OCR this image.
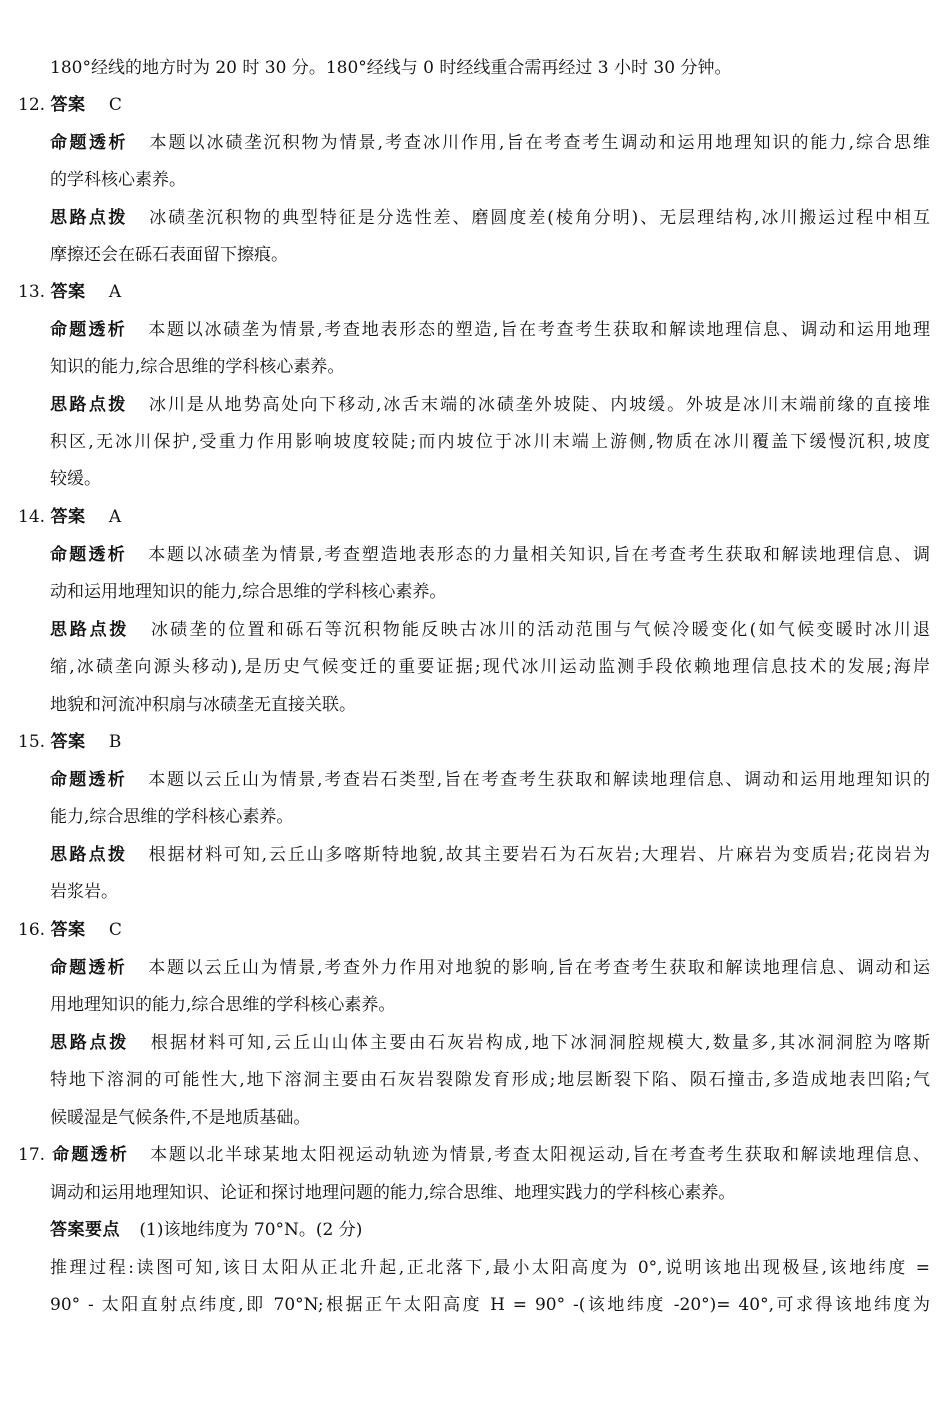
180°经线的地方时为 20 时 30 分。180°经线与 0 时经线重合需再经过 3 小时 30 分钟。
12. 答案 C
命题透析 本题以冰碛垄沉积物为情景,考查冰川作用,旨在考查考生调动和运用地理知识的能力,综合思维
的学科核心素养。
思路点拨 冰碛垄沉积物的典型特征是分选性差、磨圆度差(棱角分明)、无层理结构,冰川搬运过程中相互
摩擦还会在砾石表面留下擦痕。
13. 答案 A
命题透析 本题以冰碛垄为情景,考查地表形态的塑造,旨在考查考生获取和解读地理信息、调动和运用地理
知识的能力,综合思维的学科核心素养。
思路点拨 冰川是从地势高处向下移动,冰舌末端的冰碛垄外坡陡、内坡缓。外坡是冰川末端前缘的直接堆
积区,无冰川保护,受重力作用影响坡度较陡;而内坡位于冰川末端上游侧,物质在冰川覆盖下缓慢沉积,坡度
较缓。
14. 答案 A
命题透析 本题以冰碛垄为情景,考查塑造地表形态的力量相关知识,旨在考查考生获取和解读地理信息、调
动和运用地理知识的能力,综合思维的学科核心素养。
思路点拨 冰碛垄的位置和砾石等沉积物能反映古冰川的活动范围与气候冷暖变化(如气候变暖时冰川退
缩,冰碛垄向源头移动),是历史气候变迁的重要证据;现代冰川运动监测手段依赖地理信息技术的发展;海岸
地貌和河流冲积扇与冰碛垄无直接关联。
15. 答案 B
命题透析 本题以云丘山为情景,考查岩石类型,旨在考查考生获取和解读地理信息、调动和运用地理知识的
能力,综合思维的学科核心素养。
思路点拨 根据材料可知,云丘山多喀斯特地貌,故其主要岩石为石灰岩;大理岩、片麻岩为变质岩;花岗岩为
岩浆岩。
16. 答案 C
命题透析 本题以云丘山为情景,考查外力作用对地貌的影响,旨在考查考生获取和解读地理信息、调动和运
用地理知识的能力,综合思维的学科核心素养。
思路点拨 根据材料可知,云丘山山体主要由石灰岩构成,地下冰洞洞腔规模大,数量多,其冰洞洞腔为喀斯
特地下溶洞的可能性大,地下溶洞主要由石灰岩裂隙发育形成;地层断裂下陷、陨石撞击,多造成地表凹陷;气
候暖湿是气候条件,不是地质基础。
17. 命题透析 本题以北半球某地太阳视运动轨迹为情景,考查太阳视运动,旨在考查考生获取和解读地理信息、
调动和运用地理知识、论证和探讨地理问题的能力,综合思维、地理实践力的学科核心素养。
答案要点 (1)该地纬度为 70°N。(2 分)
推理过程:读图可知,该日太阳从正北升起,正北落下,最小太阳高度为 0°,说明该地出现极昼,该地纬度 =
90° - 太阳直射点纬度,即 70°N;根据正午太阳高度 H = 90° -(该地纬度 -20°)= 40°,可求得该地纬度为
